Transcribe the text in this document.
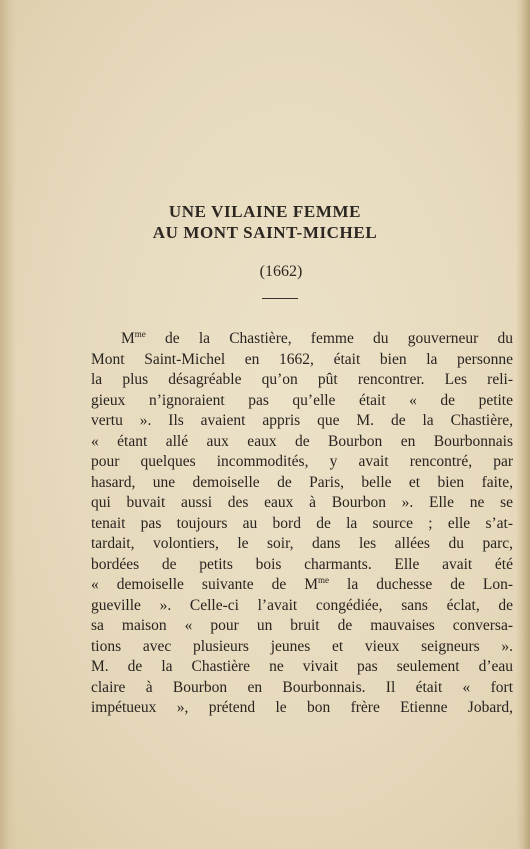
UNE VILAINE FEMME
AU MONT SAINT-MICHEL
(1662)
$M^{me}$ de la Chastière, femme du gouverneur du
Mont Saint-Michel en 1662, était bien la personne
la plus désagréable qu’on pût rencontrer. Les reli-
gieux n’ignoraient pas qu’elle était « de petite
vertu ». Ils avaient appris que M. de la Chastière,
« étant allé aux eaux de Bourbon en Bourbonnais
pour quelques incommodités, y avait rencontré, par
hasard, une demoiselle de Paris, belle et bien faite,
qui buvait aussi des eaux à Bourbon ». Elle ne se
tenait pas toujours au bord de la source ; elle s’at-
tardait, volontiers, le soir, dans les allées du parc,
bordées de petits bois charmants. Elle avait été
« demoiselle suivante de $M^{me}$ la duchesse de Lon-
gueville ». Celle-ci l’avait congédiée, sans éclat, de
sa maison « pour un bruit de mauvaises conversa-
tions avec plusieurs jeunes et vieux seigneurs ».
M. de la Chastière ne vivait pas seulement d’eau
claire à Bourbon en Bourbonnais. Il était « fort
impétueux », prétend le bon frère Etienne Jobard,
